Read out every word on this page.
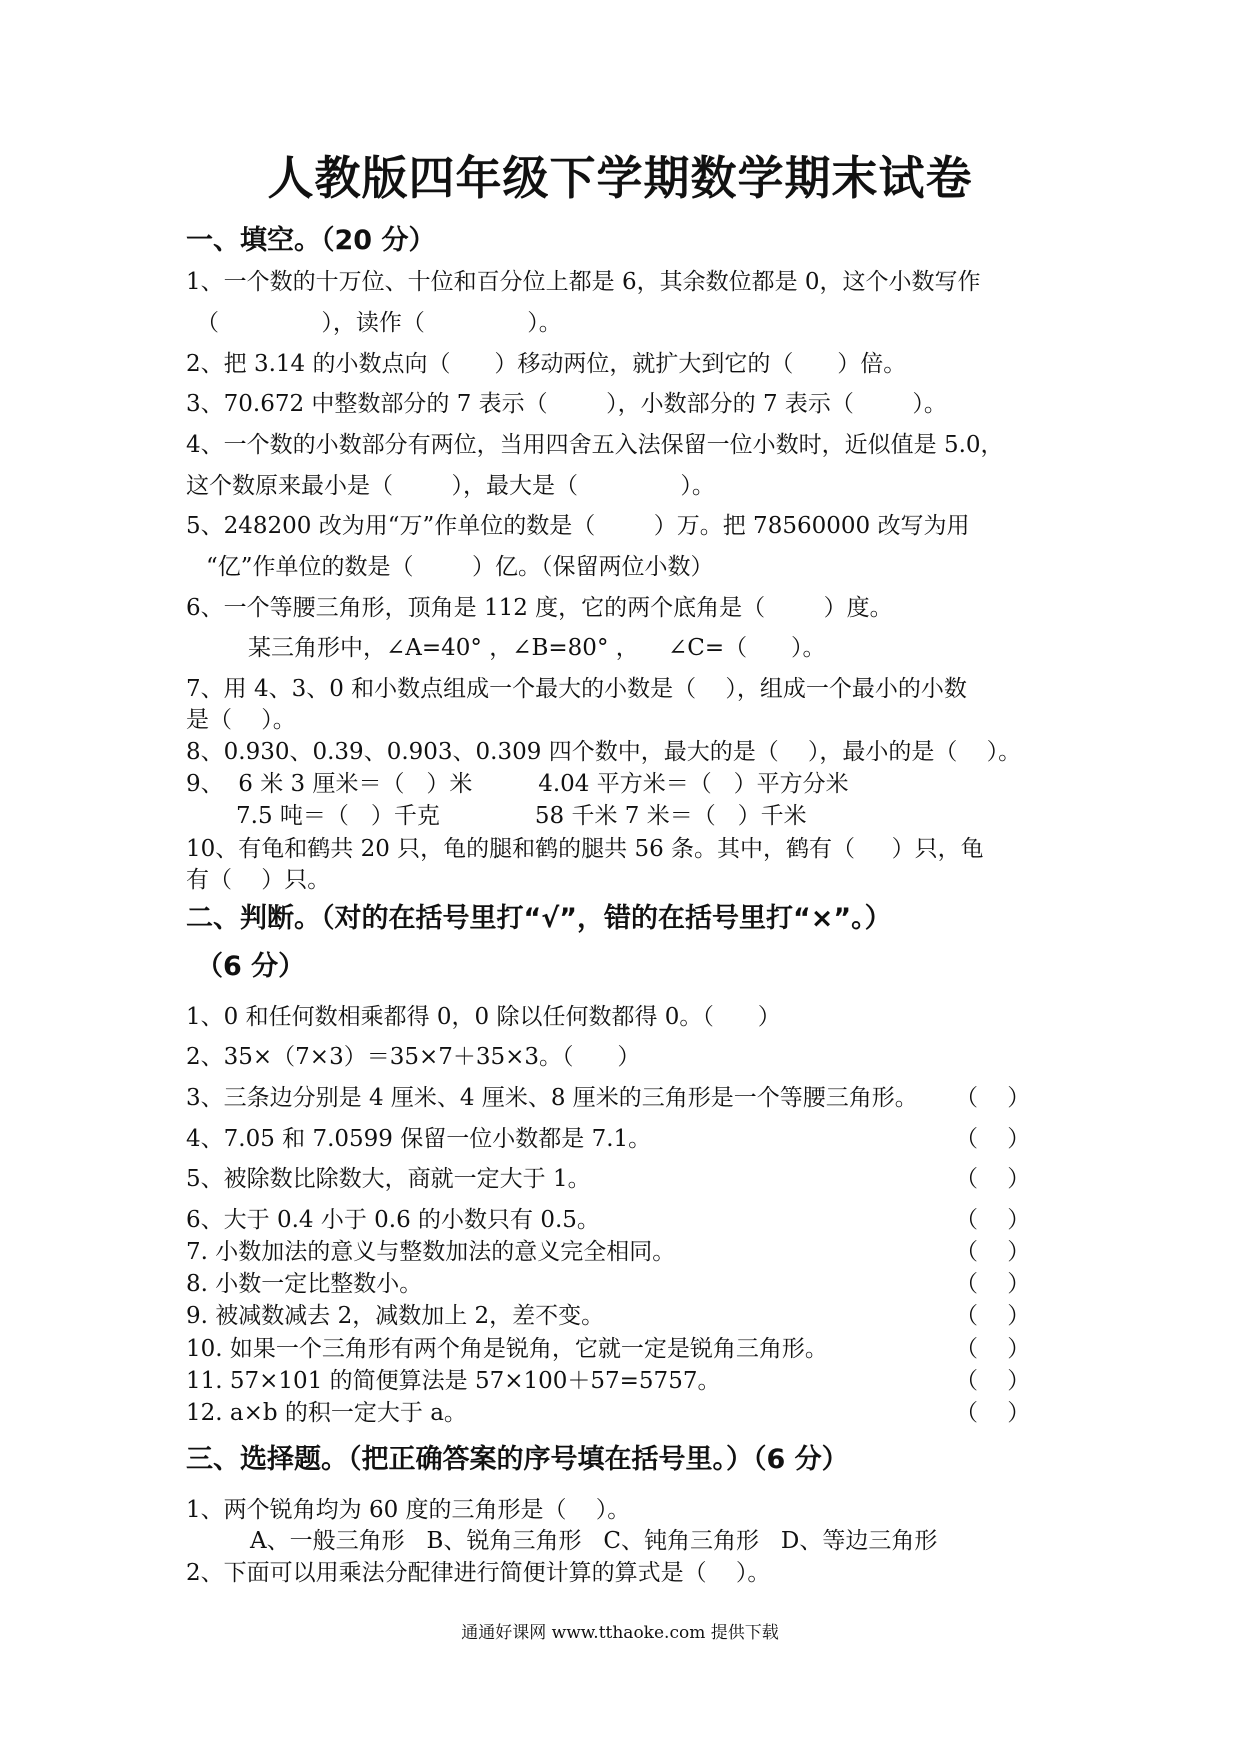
人教版四年级下学期数学期末试卷
一、填空。（20 分）
1、一个数的十万位、十位和百分位上都是 6，其余数位都是 0，这个小数写作
（              ），读作（              ）。
2、把 3.14 的小数点向（      ）移动两位，就扩大到它的（      ）倍。
3、70.672 中整数部分的 7 表示（        ），小数部分的 7 表示（        ）。
4、一个数的小数部分有两位，当用四舍五入法保留一位小数时，近似值是 5.0，
这个数原来最小是（        ），最大是（              ）。
5、248200 改为用“万”作单位的数是（        ）万。把 78560000 改写为用
“亿”作单位的数是（        ）亿。（保留两位小数）
6、一个等腰三角形，顶角是 112 度，它的两个底角是（        ）度。
某三角形中，∠A=40° ，∠B=80° ，    ∠C=（      ）。
7、用 4、3、0 和小数点组成一个最大的小数是（    ），组成一个最小的小数
是（    ）。
8、0.930、0.39、0.903、0.309 四个数中，最大的是（    ），最小的是（    ）。
9、  6 米 3 厘米＝（   ）米         4.04 平方米＝（   ）平方分米
7.5 吨＝（   ）千克             58 千米 7 米＝（   ）千米
10、有龟和鹤共 20 只，龟的腿和鹤的腿共 56 条。其中，鹤有（     ）只，龟
有（    ）只。
二、判断。（对的在括号里打“√”，错的在括号里打“×”。）
（6 分）
1、0 和任何数相乘都得 0，0 除以任何数都得 0。（      ）
2、35×（7×3）＝35×7＋35×3。（      ）
3、三条边分别是 4 厘米、4 厘米、8 厘米的三角形是一个等腰三角形。 （    ）
4、7.05 和 7.0599 保留一位小数都是 7.1。	（    ）
5、被除数比除数大，商就一定大于 1。	（    ）
6、大于 0.4 小于 0.6 的小数只有 0.5。	（    ）
7. 小数加法的意义与整数加法的意义完全相同。	（    ）
8. 小数一定比整数小。	（    ）
9. 被减数减去 2，减数加上 2，差不变。	（    ）
10. 如果一个三角形有两个角是锐角，它就一定是锐角三角形。	（    ）
11. 57×101 的简便算法是 57×100＋57=5757。	（    ）
12. a×b 的积一定大于 a。	（    ）
三、选择题。（把正确答案的序号填在括号里。）（6 分）
1、两个锐角均为 60 度的三角形是（    ）。
A、一般三角形   B、锐角三角形   C、钝角三角形   D、等边三角形
2、下面可以用乘法分配律进行简便计算的算式是（    ）。
通通好课网 www.tthaoke.com 提供下载
